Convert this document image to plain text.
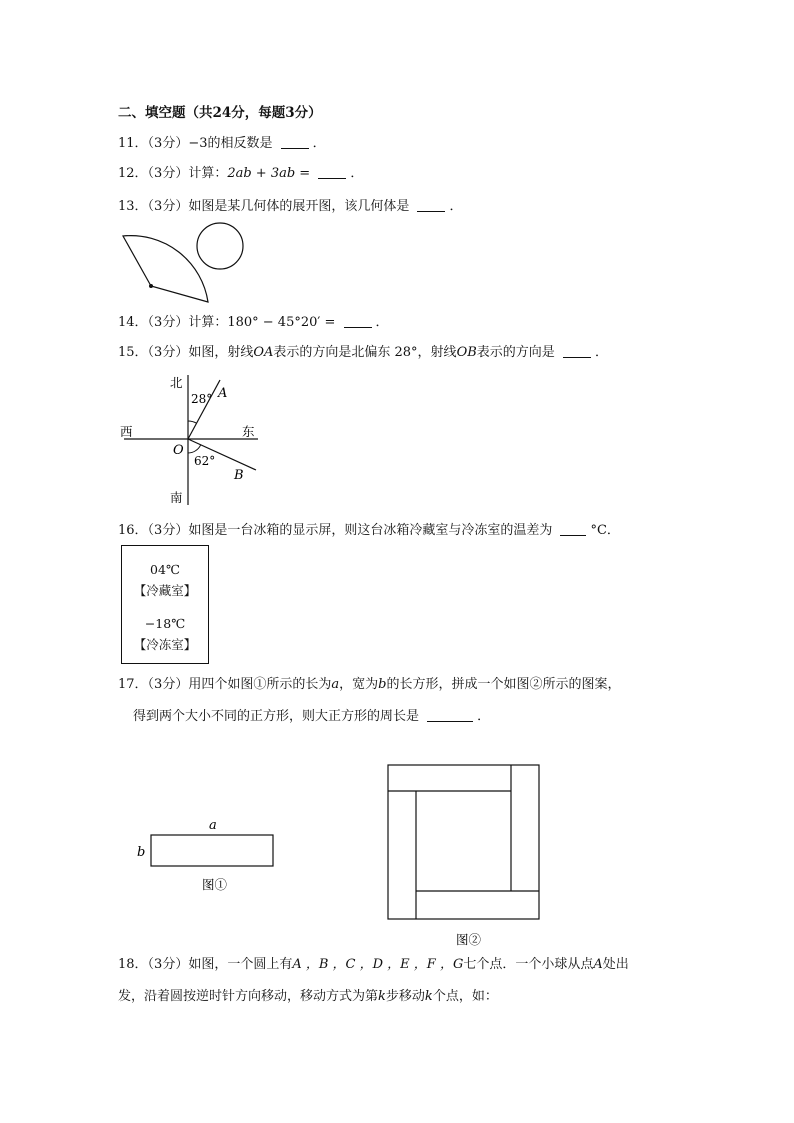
二、填空题（共24分，每题3分）
11．（3分）−3的相反数是	．
12．（3分）计算：2ab + 3ab =	．
13．（3分）如图是某几何体的展开图，该几何体是	．
14．（3分）计算：180° − 45°20′ =	．
15．（3分）如图，射线OA表示的方向是北偏东 28°，射线OB表示的方向是	．
北
南
西	东
O
A
B
28°
62°
16．（3分）如图是一台冰箱的显示屏，则这台冰箱冷藏室与冷冻室的温差为	°C．
04℃
【冷藏室】
−18℃
【冷冻室】
17．（3分）用四个如图①所示的长为a，宽为b的长方形，拼成一个如图②所示的图案，
得到两个大小不同的正方形，则大正方形的周长是	．
a
b
图①
图②
18．（3分）如图，一个圆上有A ，B ，C ，D ，E ，F ，G七个点．一个小球从点A处出
发，沿着圆按逆时针方向移动，移动方式为第k步移动k个点，如：
